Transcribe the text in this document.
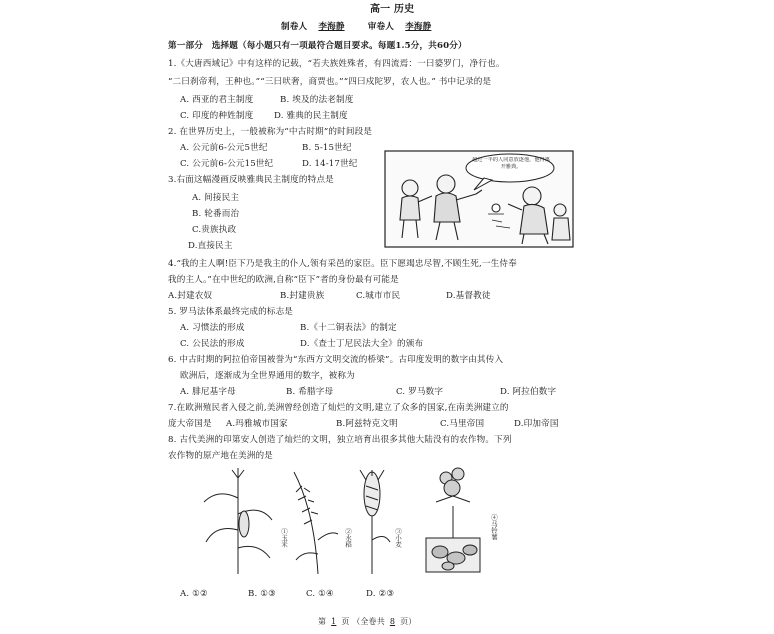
高一 历史
制卷人 李海静	审卷人 李海静
第一部分　选择题（每小题只有一项最符合题目要求。每题1.5分，共60分）
1.《大唐西域记》中有这样的记载，“若夫族姓殊者，有四流焉：一曰婆罗门，净行也。
“二曰刹帝利，王种也。”“三曰吠奢，商贾也。”“四曰戍陀罗，农人也。” 书中记录的是
A. 西亚的君主制度	B. 埃及的法老制度
C. 印度的种姓制度 D. 雅典的民主制度
2. 在世界历史上，一般被称为“中古时期”的时间段是
A. 公元前6-公元5世纪	B. 5-15世纪
C. 公元前6-公元15世纪	D. 14-17世纪
3.右面这幅漫画反映雅典民主制度的特点是
A. 间接民主
B. 轮番而治
C.贵族执政
D.直接民主
超过一半的人同意放逐他，他得离开雅典。
4.“我的主人啊!臣下乃是我主的仆人,领有采邑的家臣。臣下愿竭忠尽智,不顾生死,一生侍奉
我的主人。”在中世纪的欧洲,自称“臣下”者的身份最有可能是
A.封建农奴	B.封建贵族	C.城市市民	D.基督教徒
5. 罗马法体系最终完成的标志是
A. 习惯法的形成	B.《十二铜表法》的制定
C. 公民法的形成	D.《查士丁尼民法大全》的颁布
6. 中古时期的阿拉伯帝国被誉为“东西方文明交流的桥梁”。古印度发明的数字由其传入
欧洲后，逐渐成为全世界通用的数字，被称为
A. 腓尼基字母	B. 希腊字母	C. 罗马数字	D. 阿拉伯数字
7.在欧洲殖民者入侵之前,美洲曾经创造了灿烂的文明,建立了众多的国家,在南美洲建立的
庞大帝国是 A.玛雅城市国家	B.阿兹特克文明	C.马里帝国	D.印加帝国
8. 古代美洲的印第安人创造了灿烂的文明，独立培育出很多其他大陆没有的农作物。下列
农作物的原产地在美洲的是
①玉米	②水稻	③小麦	④马铃薯
A. ①②	B. ①③	C. ①④	D. ②③
第 1 页 （全卷共 8 页）
